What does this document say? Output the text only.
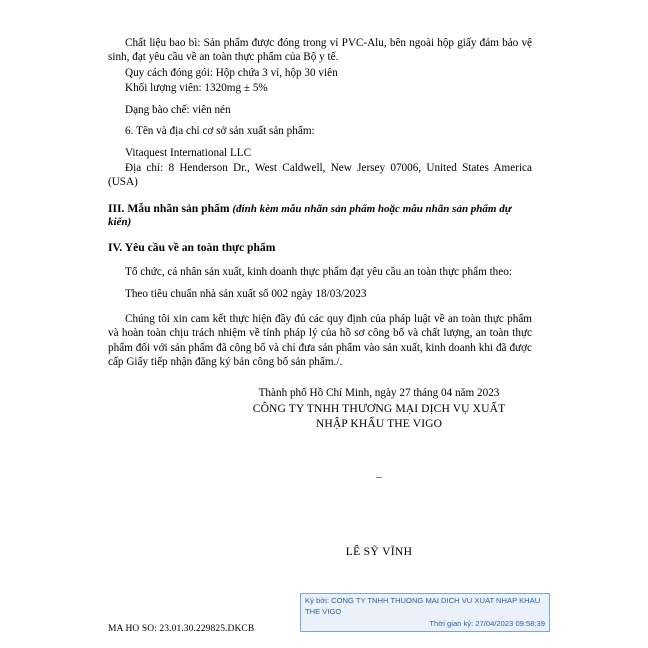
Chất liệu bao bì: Sản phẩm được đóng trong vỉ PVC-Alu, bên ngoài hộp giấy đảm bảo vệ sinh, đạt yêu cầu về an toàn thực phẩm của Bộ y tế.

Quy cách đóng gói: Hộp chứa 3 vỉ, hộp 30 viên

Khối lượng viên: 1320mg ± 5%

Dạng bào chế: viên nén

6. Tên và địa chỉ cơ sở sản xuất sản phẩm:

Vitaquest International LLC

Địa chỉ: 8 Henderson Dr., West Caldwell, New Jersey 07006, United States America (USA)

III. Mẫu nhãn sản phẩm (đính kèm mẫu nhãn sản phẩm hoặc mẫu nhãn sản phẩm dự kiến)

IV. Yêu cầu về an toàn thực phẩm

Tổ chức, cá nhân sản xuất, kinh doanh thực phẩm đạt yêu cầu an toàn thực phẩm theo:

Theo tiêu chuẩn nhà sản xuất số 002 ngày 18/03/2023

Chúng tôi xin cam kết thực hiện đầy đủ các quy định của pháp luật về an toàn thực phẩm và hoàn toàn chịu trách nhiệm về tính pháp lý của hồ sơ công bố và chất lượng, an toàn thực phẩm đối với sản phẩm đã công bố và chỉ đưa sản phẩm vào sản xuất, kinh doanh khi đã được cấp Giấy tiếp nhận đăng ký bản công bố sản phẩm./.

Thành phố Hồ Chí Minh, ngày 27 tháng 04 năm 2023

CÔNG TY TNHH THƯƠNG MẠI DỊCH VỤ XUẤT

NHẬP KHẨU THE VIGO

_
LÊ SỸ VĨNH
MA HO SO: 23.01.30.229825.DKCB
Ký bởi: CONG TY TNHH THUONG MAI DICH VU XUAT NHAP KHAU THE VIGO
Thời gian ký: 27/04/2023 09:58:39
